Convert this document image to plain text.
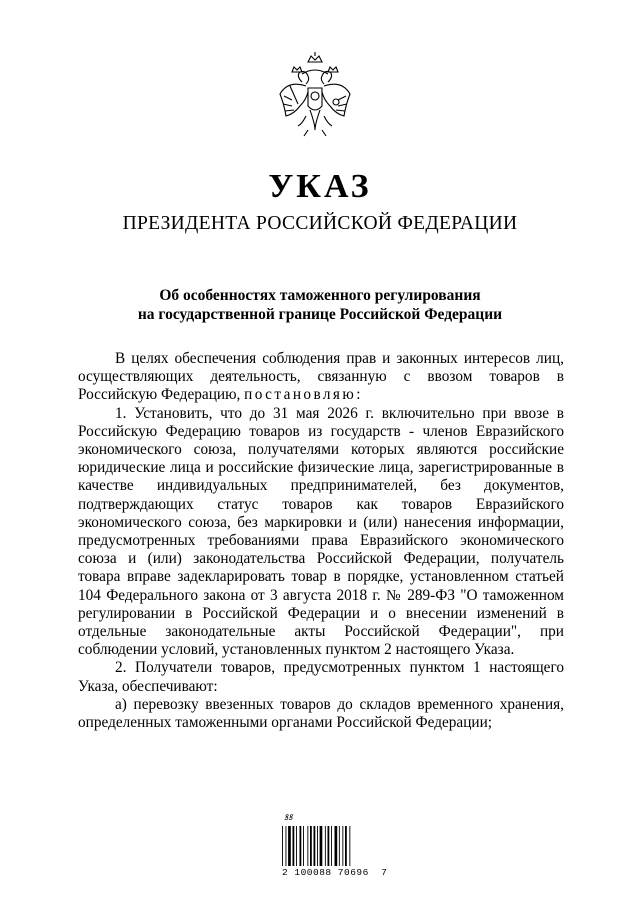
УКАЗ
ПРЕЗИДЕНТА РОССИЙСКОЙ ФЕДЕРАЦИИ
Об особенностях таможенного регулирования
на государственной границе Российской Федерации

В целях обеспечения соблюдения прав и законных интересов лиц, осуществляющих деятельность, связанную с ввозом товаров в Российскую Федерацию, постановляю:

1. Установить, что до 31 мая 2026 г. включительно при ввозе в Российскую Федерацию товаров из государств - членов Евразийского экономического союза, получателями которых являются российские юридические лица и российские физические лица, зарегистрированные в качестве индивидуальных предпринимателей, без документов, подтверждающих статус товаров как товаров Евразийского экономического союза, без маркировки и (или) нанесения информации, предусмотренных требованиями права Евразийского экономического союза и (или) законодательства Российской Федерации, получатель товара вправе задекларировать товар в порядке, установленном статьей 104 Федерального закона от 3 августа 2018 г. № 289-ФЗ "О таможенном регулировании в Российской Федерации и о внесении изменений в отдельные законодательные акты Российской Федерации", при соблюдении условий, установленных пунктом 2 настоящего Указа.

2. Получатели товаров, предусмотренных пунктом 1 настоящего Указа, обеспечивают:

а) перевозку ввезенных товаров до складов временного хранения, определенных таможенными органами Российской Федерации;

ꝸꝸ
2 100088 70696  7
